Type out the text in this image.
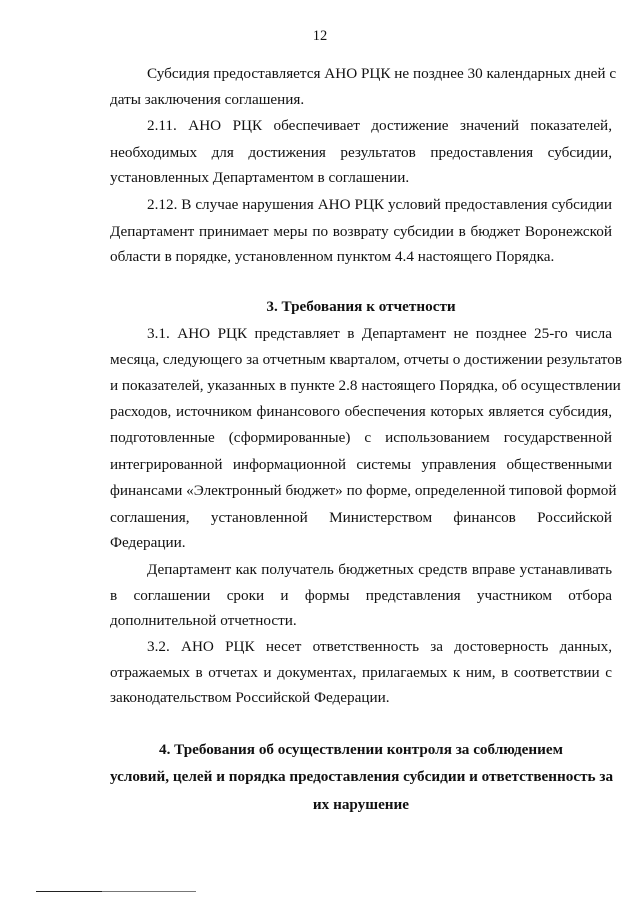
12
Субсидия предоставляется АНО РЦК не позднее 30 календарных дней с
даты заключения соглашения.
2.11. АНО РЦК обеспечивает достижение значений показателей,
необходимых для достижения результатов предоставления субсидии,
установленных Департаментом в соглашении.
2.12. В случае нарушения АНО РЦК условий предоставления субсидии
Департамент принимает меры по возврату субсидии в бюджет Воронежской
области в порядке, установленном пунктом 4.4 настоящего Порядка.
3. Требования к отчетности
3.1. АНО РЦК представляет в Департамент не позднее 25-го числа
месяца, следующего за отчетным кварталом, отчеты о достижении результатов
и показателей, указанных в пункте 2.8 настоящего Порядка, об осуществлении
расходов, источником финансового обеспечения которых является субсидия,
подготовленные (сформированные) с использованием государственной
интегрированной информационной системы управления общественными
финансами «Электронный бюджет» по форме, определенной типовой формой
соглашения, установленной Министерством финансов Российской
Федерации.
Департамент как получатель бюджетных средств вправе устанавливать
в соглашении сроки и формы представления участником отбора
дополнительной отчетности.
3.2. АНО РЦК несет ответственность за достоверность данных,
отражаемых в отчетах и документах, прилагаемых к ним, в соответствии с
законодательством Российской Федерации.
4. Требования об осуществлении контроля за соблюдением
условий, целей и порядка предоставления субсидии и ответственность за
их нарушение
